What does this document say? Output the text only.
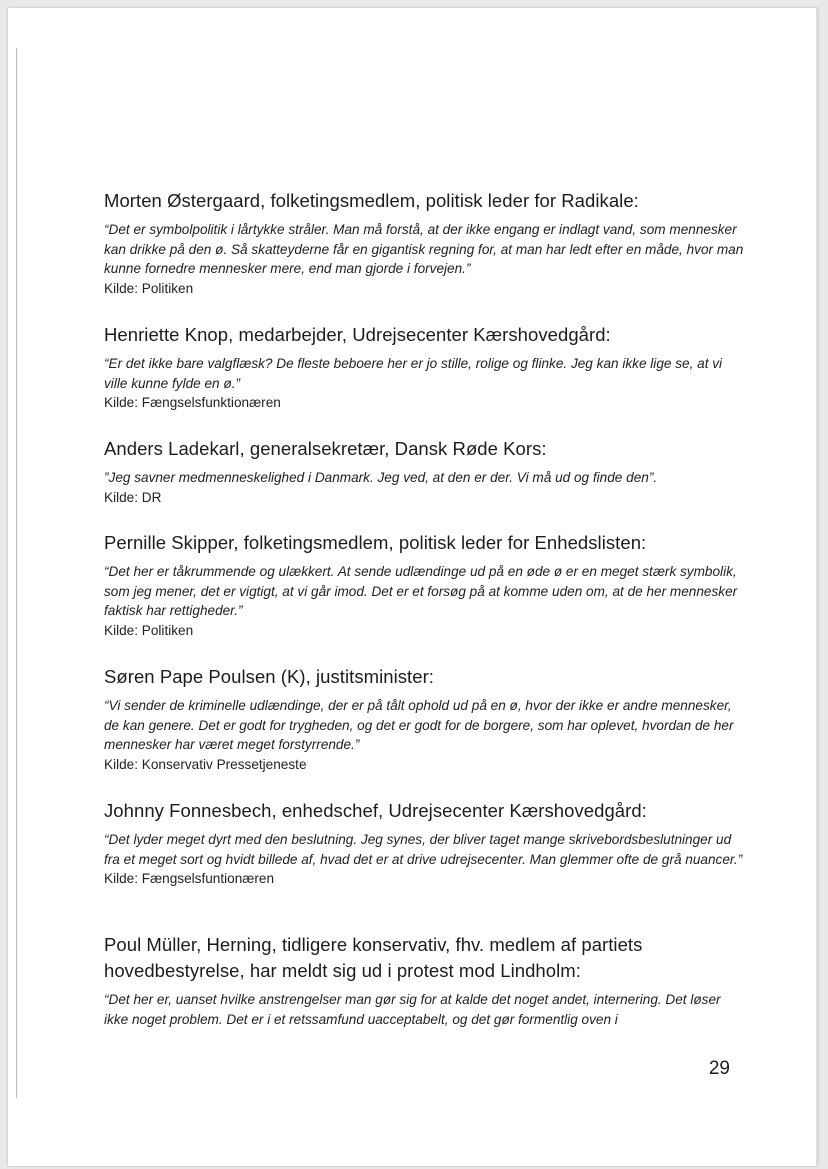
Morten Østergaard, folketingsmedlem, politisk leder for Radikale:

“Det er symbolpolitik i lårtykke stråler. Man må forstå, at der ikke engang er indlagt vand, som mennesker kan drikke på den ø. Så skatteyderne får en gigantisk regning for, at man har ledt efter en måde, hvor man kunne fornedre mennesker mere, end man gjorde i forvejen.”

Kilde: Politiken

Henriette Knop, medarbejder, Udrejsecenter Kærshovedgård:

“Er det ikke bare valgflæsk? De fleste beboere her er jo stille, rolige og flinke. Jeg kan ikke lige se, at vi ville kunne fylde en ø.”

Kilde: Fængselsfunktionæren

Anders Ladekarl, generalsekretær, Dansk Røde Kors:

”Jeg savner medmenneskelighed i Danmark. Jeg ved, at den er der. Vi må ud og finde den”.

Kilde: DR

Pernille Skipper, folketingsmedlem, politisk leder for Enhedslisten:

“Det her er tåkrummende og ulækkert. At sende udlændinge ud på en øde ø er en meget stærk symbolik, som jeg mener, det er vigtigt, at vi går imod. Det er et forsøg på at komme uden om, at de her mennesker faktisk har rettigheder.”

Kilde: Politiken

Søren Pape Poulsen (K), justitsminister:

“Vi sender de kriminelle udlændinge, der er på tålt ophold ud på en ø, hvor der ikke er andre mennesker, de kan genere. Det er godt for trygheden, og det er godt for de borgere, som har oplevet, hvordan de her mennesker har været meget forstyrrende.”

Kilde: Konservativ Pressetjeneste

Johnny Fonnesbech, enhedschef, Udrejsecenter Kærshovedgård:

“Det lyder meget dyrt med den beslutning. Jeg synes, der bliver taget mange skrivebordsbeslutninger ud fra et meget sort og hvidt billede af, hvad det er at drive udrejsecenter. Man glemmer ofte de grå nuancer.”

Kilde: Fængselsfuntionæren

Poul Müller, Herning, tidligere konservativ, fhv. medlem af partiets hovedbestyrelse, har meldt sig ud i protest mod Lindholm:

“Det her er, uanset hvilke anstrengelser man gør sig for at kalde det noget andet, internering. Det løser ikke noget problem. Det er i et retssamfund uacceptabelt, og det gør formentlig oven i

29
